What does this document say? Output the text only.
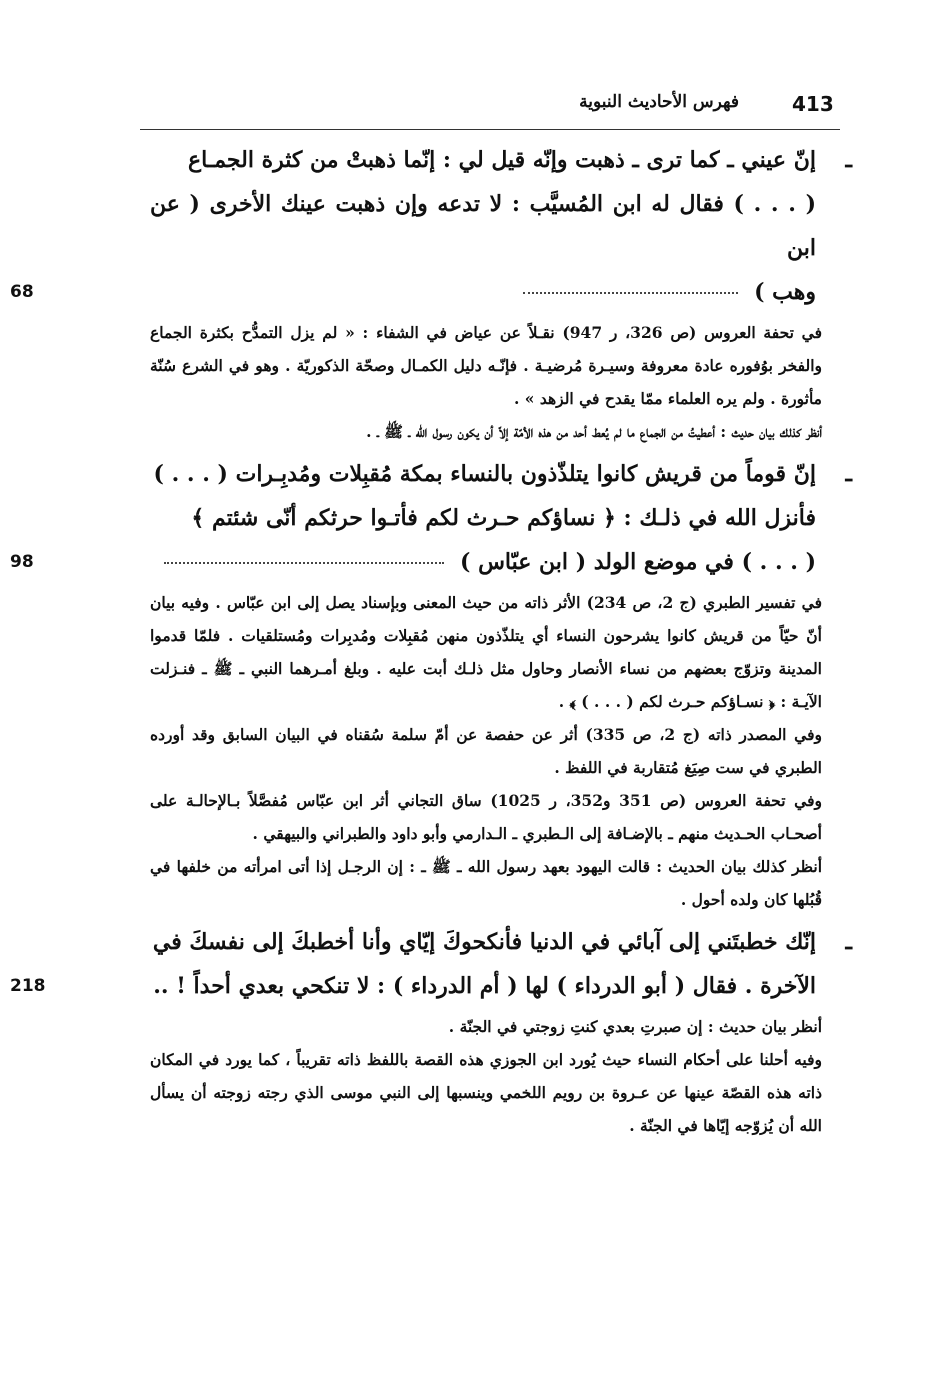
413
فهرس الأحاديث النبوية
ـ
إنّ عيني ـ كما ترى ـ ذهبت وإنّه قيل لي : إنّما ذهبتْ من كثرة الجمـاع
( . . . ) فقال له ابن المُسيَّب : لا تدعه وإن ذهبت عينك الأخرى ( عن ابن
وهب )
68

في تحفة العروس (ص 326، ر 947) نقـلاً عن عياض في الشفاء : « لم يزل التمدُّح بكثرة الجماع والفخر بوُفوره عادة معروفة وسيـرة مُرضيـة . فإنّـه دليل الكمـال وصحّة الذكوريّة . وهو في الشرع سُنّة مأثورة . ولم يره العلماء ممّا يقدح في الزهد » .

أنظر كذلك بيان حديث : أعطيتُ من الجماع ما لم يُعط أحد من هذه الأمّة إلاّ أن يكون رسول الله ـ ﷺ ـ .

ـ
إنّ قوماً من قريش كانوا يتلذّذون بالنساء بمكة مُقبِلات ومُدبِـرات ( . . . )
فأنزل الله في ذلـك : ﴿ نساؤكم حـرث لكم فأتـوا حرثكم أنّى شئتم ﴾
( . . . ) في موضع الولد ( ابن عبّاس )
98

في تفسير الطبري (ج 2، ص 234) الأثر ذاته من حيث المعنى وبإسناد يصل إلى ابن عبّاس . وفيه بيان أنّ حيّاً من قريش كانوا يشرحون النساء أي يتلذّذون منهن مُقبِلات ومُدبِرات ومُستلقيات . فلمّا قدموا المدينة وتزوّج بعضهم من نساء الأنصار وحاول مثل ذلـك أبت عليه . وبلغ أمـرهما النبي ـ ﷺ ـ فنـزلت الآيـة : ﴿ نسـاؤكم حـرث لكم ( . . . ) ﴾ .

وفي المصدر ذاته (ج 2، ص 335) أثر عن حفصة عن أمّ سلمة سُقناه في البيان السابق وقد أورده الطبري في ست صِيَغ مُتقاربة في اللفظ .

وفي تحفة العروس (ص 351 و352، ر 1025) ساق التجاني أثر ابن عبّاس مُفصَّلاً بـالإحالـة على أصحـاب الحـديث منهم ـ بالإضـافة إلى الـطبري ـ الـدارمي وأبو داود والطبراني والبيهقي .

أنظر كذلك بيان الحديث : قالت اليهود بعهد رسول الله ـ ﷺ ـ : إن الرجـل إذا أتى امرأته من خلفها في قُبُلها كان ولده أحول .

ـ
إنّك خطبتَني إلى آبائي في الدنيا فأنكحوكَ إيّاي وأنا أخطبكَ إلى نفسكَ في
الآخرة . فقال ( أبو الدرداء ) لها ( أم الدرداء ) : لا تنكحي بعدي أحداً ! ..
218

أنظر بيان حديث : إن صبرتِ بعدي كنتِ زوجتي في الجنّة .

وفيه أحلنا على أحكام النساء حيث يُورد ابن الجوزي هذه القصة باللفظ ذاته تقريباً ، كما يورد في المكان ذاته هذه القصّة عينها عن عـروة بن رويم اللخمي وينسبها إلى النبي موسى الذي رجته زوجته أن يسأل الله أن يُزوّجه إيّاها في الجنّة .
